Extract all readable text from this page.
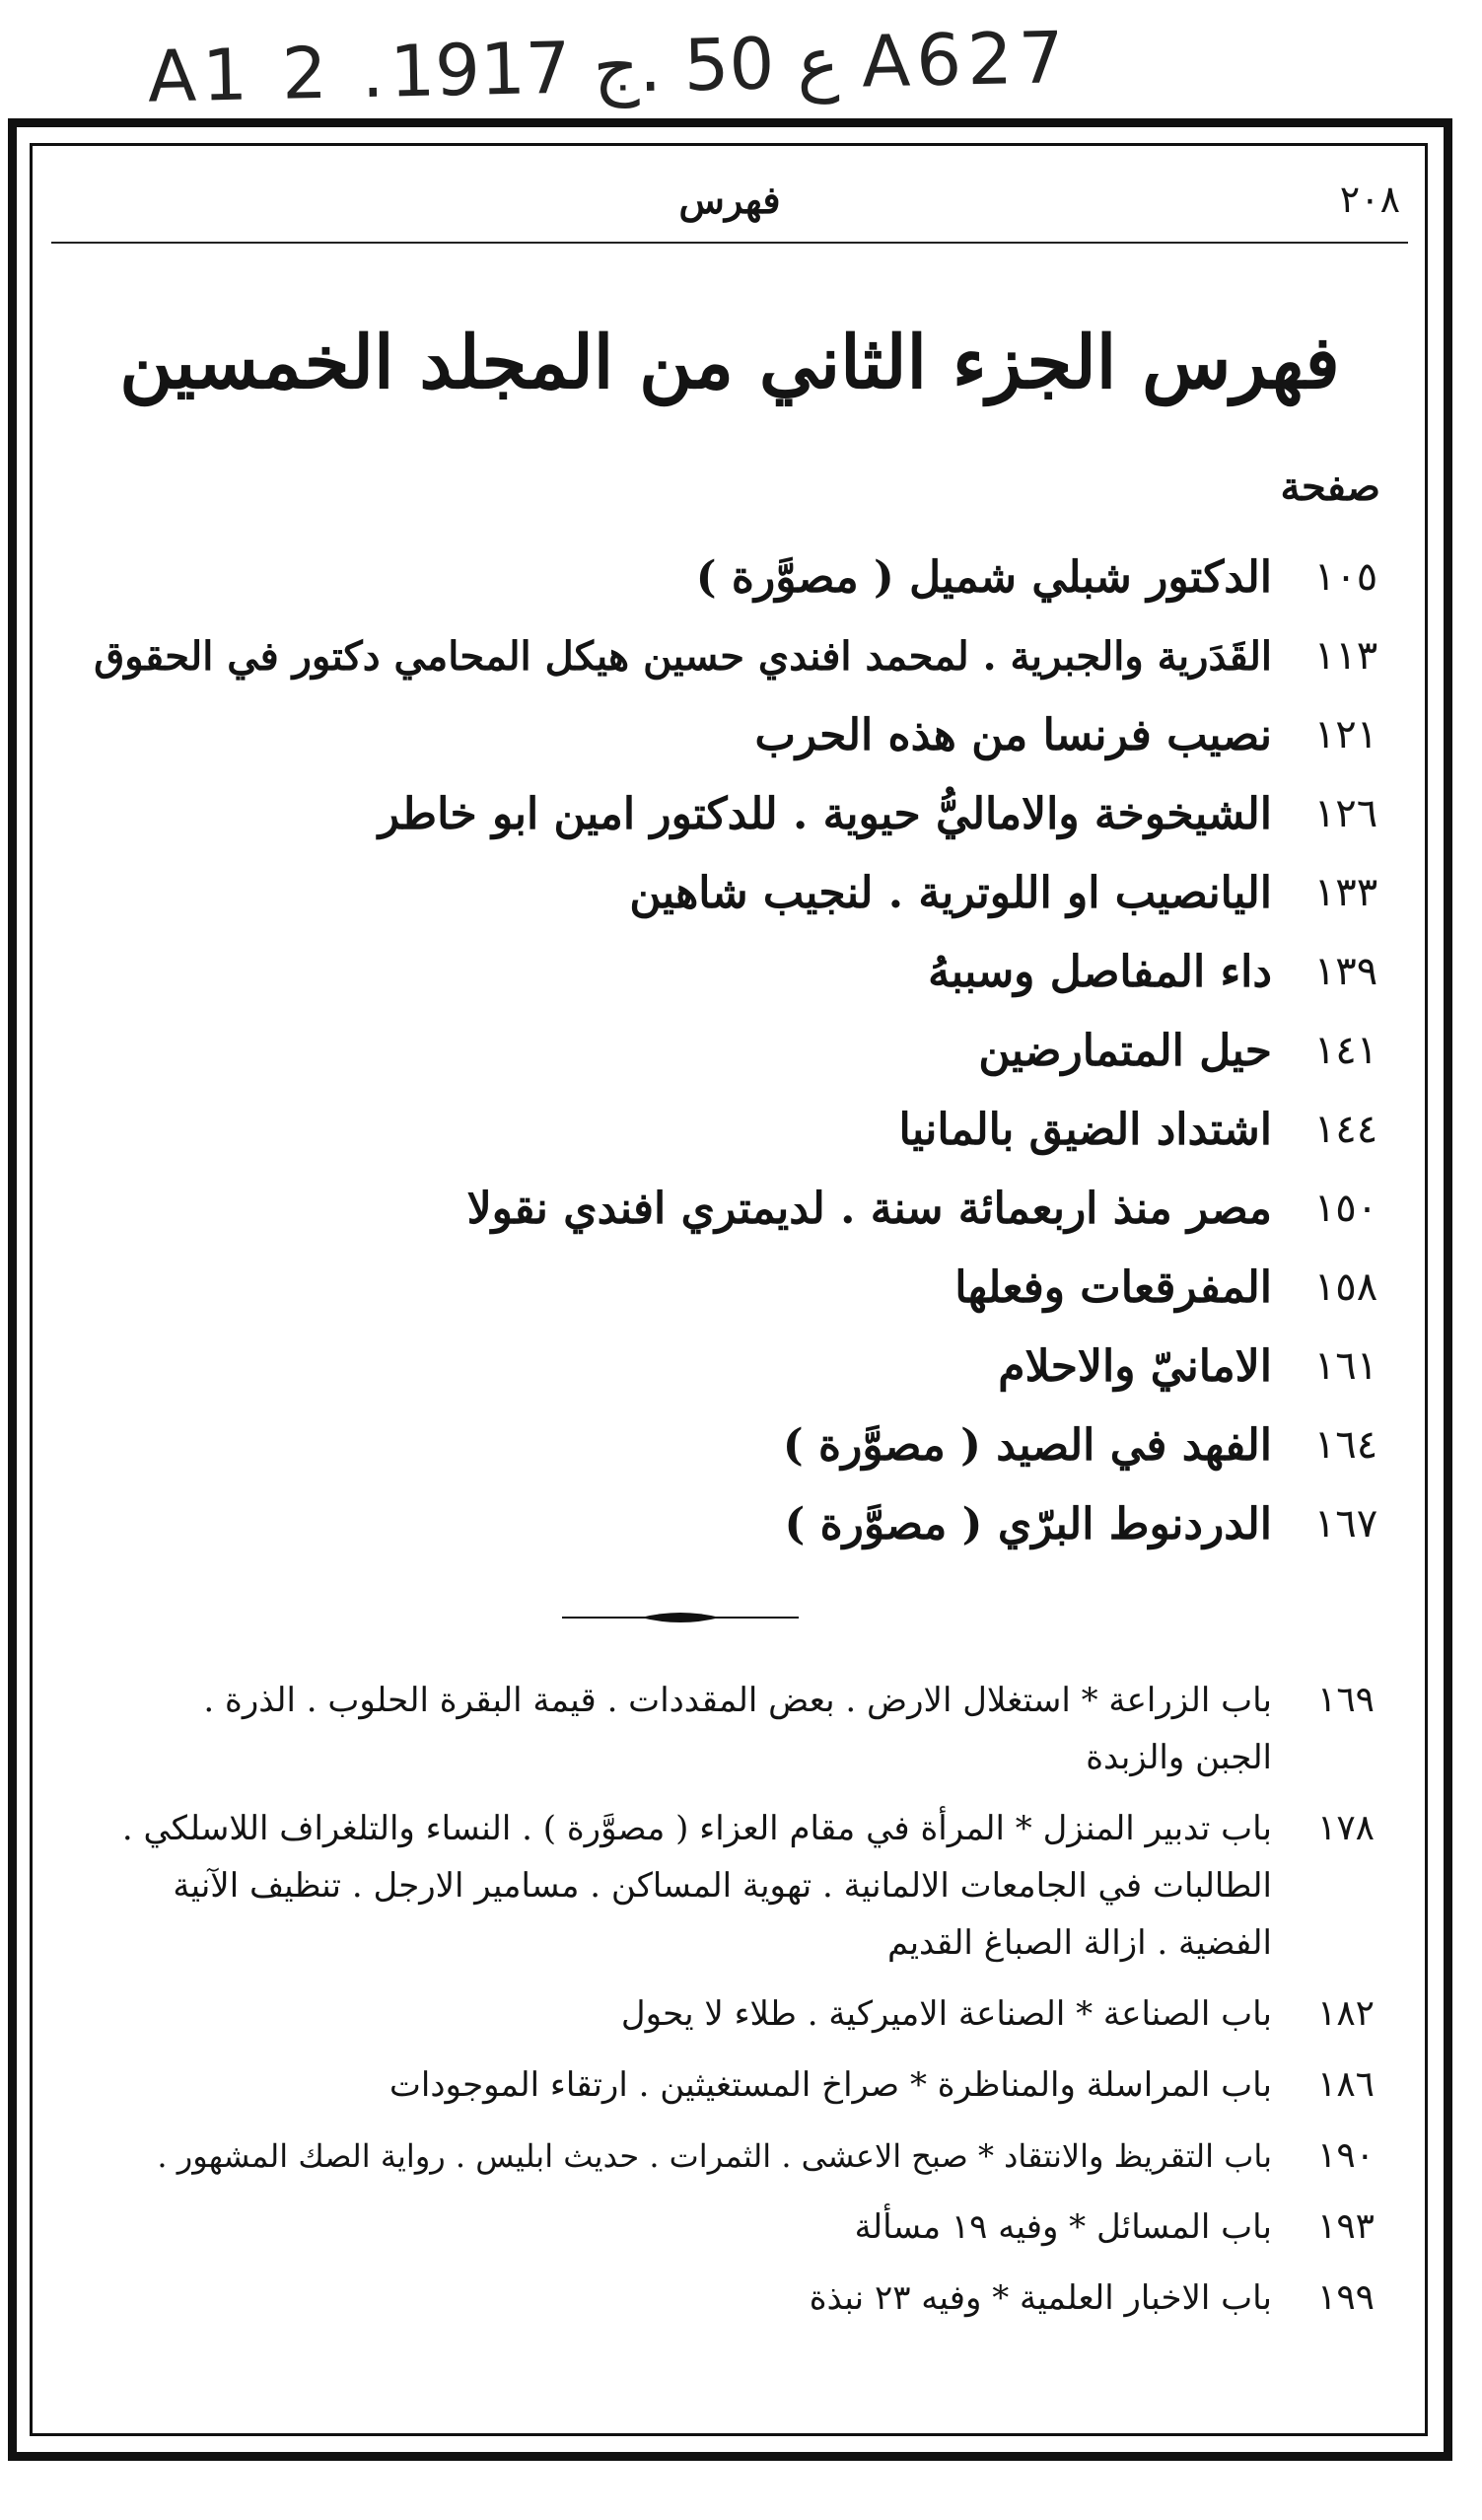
A1 2 .ع 50 .ج 1917 A627
٢٠٨
فهرس
فهرس الجزء الثاني من المجلد الخمسين
صفحة
١٠٥
الدكتور شبلي شميل ( مصوَّرة )
١١٣
القَدَرية والجبرية . لمحمد افندي حسين هيكل المحامي دكتور في الحقوق
١٢١
نصيب فرنسا من هذه الحرب
١٢٦
الشيخوخة والاماليُّ حيوية . للدكتور امين ابو خاطر
١٣٣
اليانصيب او اللوترية . لنجيب شاهين
١٣٩
داء المفاصل وسببهُ
١٤١
حيل المتمارضين
١٤٤
اشتداد الضيق بالمانيا
١٥٠
مصر منذ اربعمائة سنة . لديمتري افندي نقولا
١٥٨
المفرقعات وفعلها
١٦١
الامانيّ والاحلام
١٦٤
الفهد في الصيد ( مصوَّرة )
١٦٧
الدردنوط البرّي ( مصوَّرة )
١٦٩
باب الزراعة * استغلال الارض . بعض المقددات . قيمة البقرة الحلوب . الذرة .
الجبن والزبدة
١٧٨
باب تدبير المنزل * المرأة في مقام العزاء ( مصوَّرة ) . النساء والتلغراف اللاسلكي .
الطالبات في الجامعات الالمانية . تهوية المساكن . مسامير الارجل . تنظيف الآنية
الفضية . ازالة الصباغ القديم
١٨٢
باب الصناعة * الصناعة الاميركية . طلاء لا يحول
١٨٦
باب المراسلة والمناظرة * صراخ المستغيثين . ارتقاء الموجودات
١٩٠
باب التقريظ والانتقاد * صبح الاعشى . الثمرات . حديث ابليس . رواية الصك المشهور .
١٩٣
باب المسائل * وفيه ١٩ مسألة
١٩٩
باب الاخبار العلمية * وفيه ٢٣ نبذة
